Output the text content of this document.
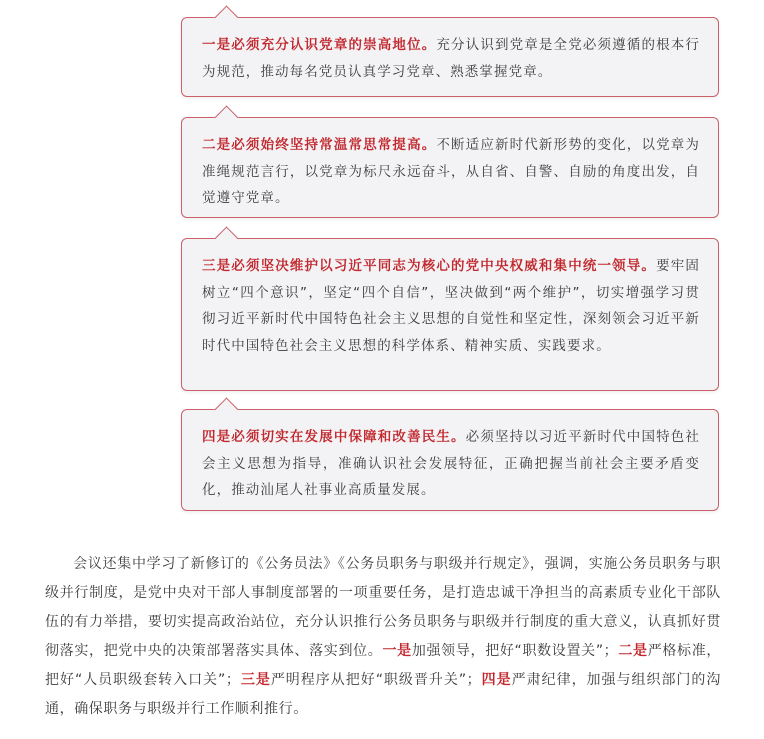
一是必须充分认识党章的崇高地位。充分认识到党章是全党必须遵循的根本行为规范，推动每名党员认真学习党章、熟悉掌握党章。

二是必须始终坚持常温常思常提高。不断适应新时代新形势的变化，以党章为准绳规范言行，以党章为标尺永远奋斗，从自省、自警、自励的角度出发，自觉遵守党章。

三是必须坚决维护以习近平同志为核心的党中央权威和集中统一领导。要牢固树立“四个意识”，坚定“四个自信”，坚决做到“两个维护”，切实增强学习贯彻习近平新时代中国特色社会主义思想的自觉性和坚定性，深刻领会习近平新时代中国特色社会主义思想的科学体系、精神实质、实践要求。

四是必须切实在发展中保障和改善民生。必须坚持以习近平新时代中国特色社会主义思想为指导，准确认识社会发展特征，正确把握当前社会主要矛盾变化，推动汕尾人社事业高质量发展。

会议还集中学习了新修订的《公务员法》《公务员职务与职级并行规定》，强调，实施公务员职务与职级并行制度，是党中央对干部人事制度部署的一项重要任务，是打造忠诚干净担当的高素质专业化干部队伍的有力举措，要切实提高政治站位，充分认识推行公务员职务与职级并行制度的重大意义，认真抓好贯彻落实，把党中央的决策部署落实具体、落实到位。一是加强领导，把好“职数设置关”；二是严格标准，把好“人员职级套转入口关”；三是严明程序从把好“职级晋升关”；四是严肃纪律，加强与组织部门的沟通，确保职务与职级并行工作顺利推行。
